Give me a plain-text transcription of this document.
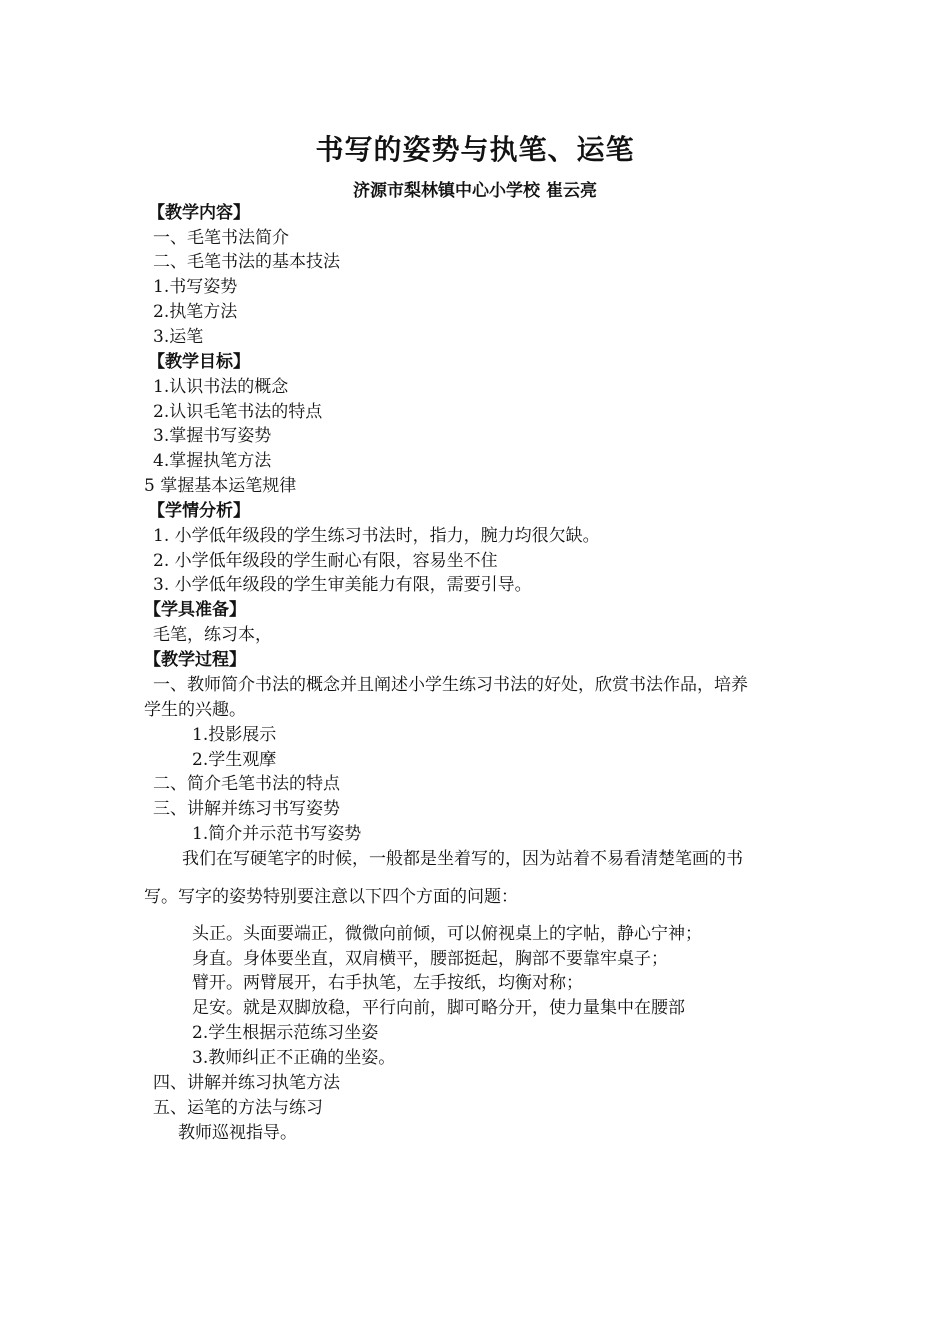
书写的姿势与执笔、运笔
济源市梨林镇中心小学校 崔云亮
【教学内容】
一、毛笔书法简介
二、毛笔书法的基本技法
1.书写姿势
2.执笔方法
3.运笔
【教学目标】
1.认识书法的概念
2.认识毛笔书法的特点
3.掌握书写姿势
4.掌握执笔方法
5 掌握基本运笔规律
【学情分析】
1. 小学低年级段的学生练习书法时，指力，腕力均很欠缺。
2. 小学低年级段的学生耐心有限，容易坐不住
3. 小学低年级段的学生审美能力有限，需要引导。
【学具准备】
毛笔，练习本，
【教学过程】
一、教师简介书法的概念并且阐述小学生练习书法的好处，欣赏书法作品，培养
学生的兴趣。
1.投影展示
2.学生观摩
二、简介毛笔书法的特点
三、讲解并练习书写姿势
1.简介并示范书写姿势
我们在写硬笔字的时候，一般都是坐着写的，因为站着不易看清楚笔画的书
写。写字的姿势特别要注意以下四个方面的问题：
头正。头面要端正，微微向前倾，可以俯视桌上的字帖，静心宁神；
身直。身体要坐直，双肩横平，腰部挺起，胸部不要靠牢桌子；
臂开。两臂展开，右手执笔，左手按纸，均衡对称；
足安。就是双脚放稳，平行向前，脚可略分开，使力量集中在腰部
2.学生根据示范练习坐姿
3.教师纠正不正确的坐姿。
四、讲解并练习执笔方法
五、运笔的方法与练习
教师巡视指导。
